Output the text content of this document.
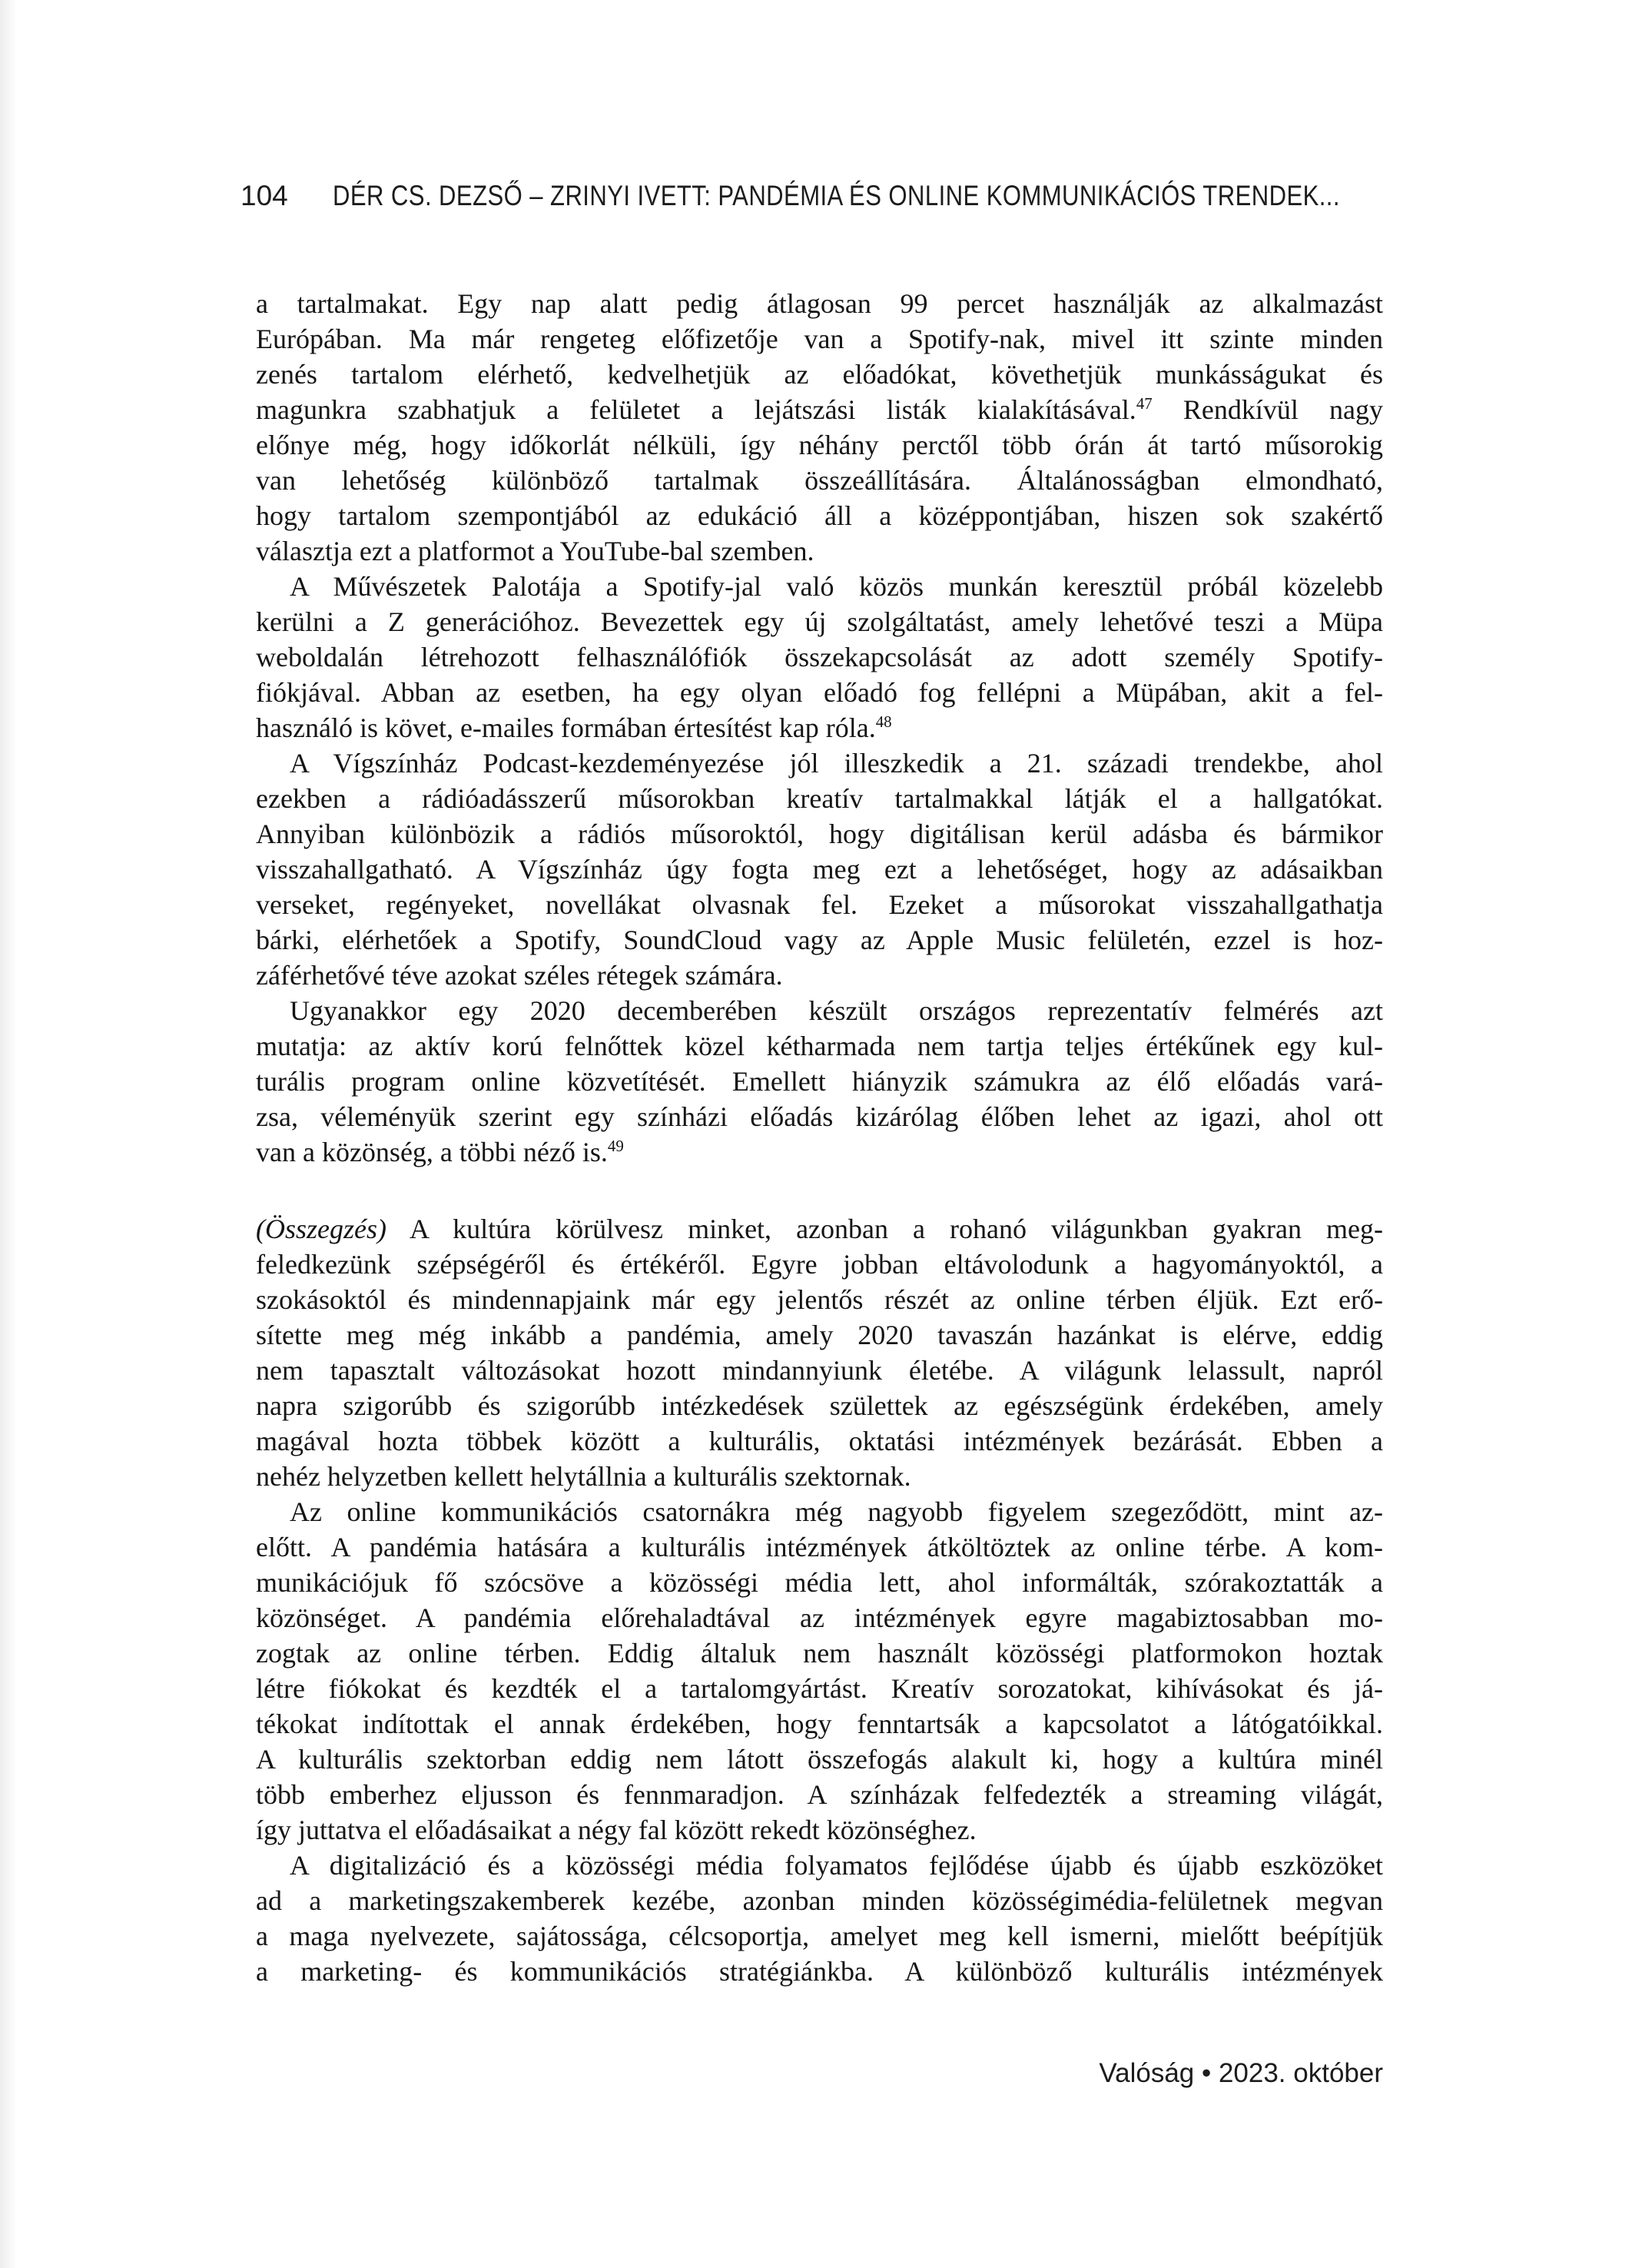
104 DÉR CS. DEZSŐ – ZRINYI IVETT: PANDÉMIA ÉS ONLINE KOMMUNIKÁCIÓS TRENDEK...
a tartalmakat. Egy nap alatt pedig átlagosan 99 percet használják az alkalmazást
Európában. Ma már rengeteg előfizetője van a Spotify-nak, mivel itt szinte minden
zenés tartalom elérhető, kedvelhetjük az előadókat, követhetjük munkásságukat és
magunkra szabhatjuk a felületet a lejátszási listák kialakításával.$^{47}$ Rendkívül nagy
előnye még, hogy időkorlát nélküli, így néhány perctől több órán át tartó műsorokig
van lehetőség különböző tartalmak összeállítására. Általánosságban elmondható,
hogy tartalom szempontjából az edukáció áll a középpontjában, hiszen sok szakértő
választja ezt a platformot a YouTube-bal szemben.
A Művészetek Palotája a Spotify-jal való közös munkán keresztül próbál közelebb
kerülni a Z generációhoz. Bevezettek egy új szolgáltatást, amely lehetővé teszi a Müpa
weboldalán létrehozott felhasználófiók összekapcsolását az adott személy Spotify-
fiókjával. Abban az esetben, ha egy olyan előadó fog fellépni a Müpában, akit a fel-
használó is követ, e-mailes formában értesítést kap róla.$^{48}$
A Vígszínház Podcast-kezdeményezése jól illeszkedik a 21. századi trendekbe, ahol
ezekben a rádióadásszerű műsorokban kreatív tartalmakkal látják el a hallgatókat.
Annyiban különbözik a rádiós műsoroktól, hogy digitálisan kerül adásba és bármikor
visszahallgatható. A Vígszínház úgy fogta meg ezt a lehetőséget, hogy az adásaikban
verseket, regényeket, novellákat olvasnak fel. Ezeket a műsorokat visszahallgathatja
bárki, elérhetőek a Spotify, SoundCloud vagy az Apple Music felületén, ezzel is hoz-
záférhetővé téve azokat széles rétegek számára.
Ugyanakkor egy 2020 decemberében készült országos reprezentatív felmérés azt
mutatja: az aktív korú felnőttek közel kétharmada nem tartja teljes értékűnek egy kul-
turális program online közvetítését. Emellett hiányzik számukra az élő előadás vará-
zsa, véleményük szerint egy színházi előadás kizárólag élőben lehet az igazi, ahol ott
van a közönség, a többi néző is.$^{49}$
(Összegzés) A kultúra körülvesz minket, azonban a rohanó világunkban gyakran meg-
feledkezünk szépségéről és értékéről. Egyre jobban eltávolodunk a hagyományoktól, a
szokásoktól és mindennapjaink már egy jelentős részét az online térben éljük. Ezt erő-
sítette meg még inkább a pandémia, amely 2020 tavaszán hazánkat is elérve, eddig
nem tapasztalt változásokat hozott mindannyiunk életébe. A világunk lelassult, napról
napra szigorúbb és szigorúbb intézkedések születtek az egészségünk érdekében, amely
magával hozta többek között a kulturális, oktatási intézmények bezárását. Ebben a
nehéz helyzetben kellett helytállnia a kulturális szektornak.
Az online kommunikációs csatornákra még nagyobb figyelem szegeződött, mint az-
előtt. A pandémia hatására a kulturális intézmények átköltöztek az online térbe. A kom-
munikációjuk fő szócsöve a közösségi média lett, ahol informálták, szórakoztatták a
közönséget. A pandémia előrehaladtával az intézmények egyre magabiztosabban mo-
zogtak az online térben. Eddig általuk nem használt közösségi platformokon hoztak
létre fiókokat és kezdték el a tartalomgyártást. Kreatív sorozatokat, kihívásokat és já-
tékokat indítottak el annak érdekében, hogy fenntartsák a kapcsolatot a látógatóikkal.
A kulturális szektorban eddig nem látott összefogás alakult ki, hogy a kultúra minél
több emberhez eljusson és fennmaradjon. A színházak felfedezték a streaming világát,
így juttatva el előadásaikat a négy fal között rekedt közönséghez.
A digitalizáció és a közösségi média folyamatos fejlődése újabb és újabb eszközöket
ad a marketingszakemberek kezébe, azonban minden közösségimédia-felületnek megvan
a maga nyelvezete, sajátossága, célcsoportja, amelyet meg kell ismerni, mielőtt beépítjük
a marketing- és kommunikációs stratégiánkba. A különböző kulturális intézmények
Valóság • 2023. október
